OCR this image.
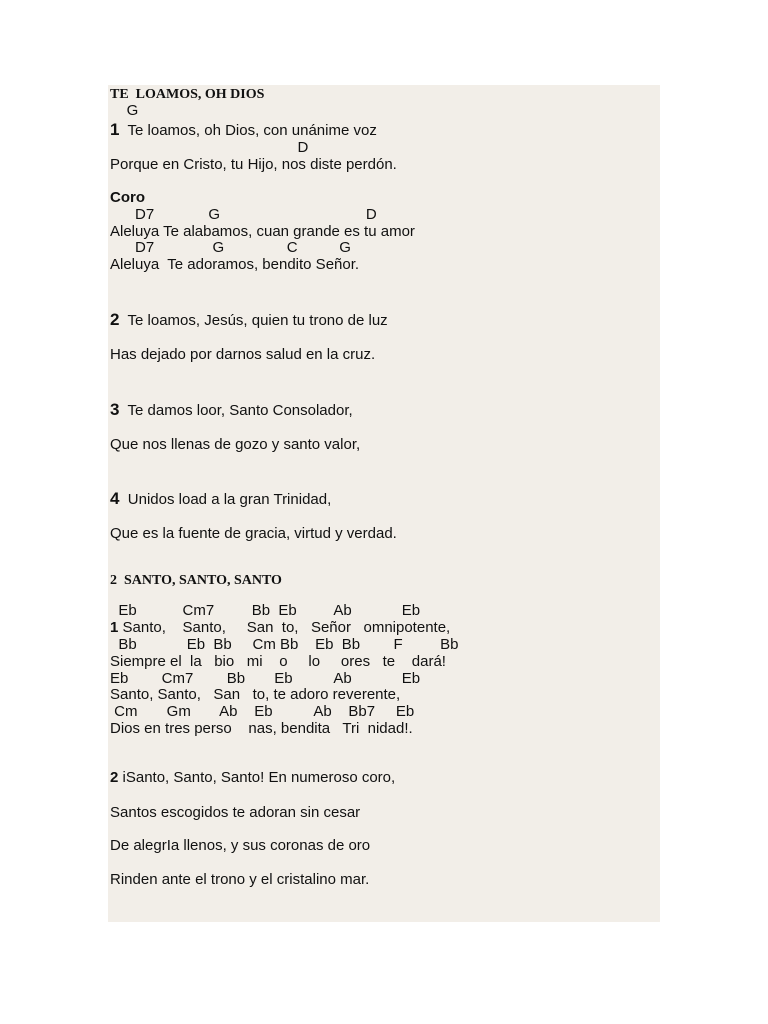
TE  LOAMOS, OH DIOS
G
1  Te loamos, oh Dios, con unánime voz
D
Porque en Cristo, tu Hijo, nos diste perdón.
Coro
D7             G                                   D
Aleluya Te alabamos, cuan grande es tu amor
D7              G               C          G
Aleluya  Te adoramos, bendito Señor.
2  Te loamos, Jesús, quien tu trono de luz
Has dejado por darnos salud en la cruz.
3  Te damos loor, Santo Consolador,
Que nos llenas de gozo y santo valor,
4  Unidos load a la gran Trinidad,
Que es la fuente de gracia, virtud y verdad.
2  SANTO, SANTO, SANTO
Eb           Cm7         Bb  Eb         Ab            Eb
1 Santo,    Santo,     San  to,   Señor   omnipotente,
Bb            Eb  Bb     Cm Bb    Eb  Bb        F         Bb
Siempre el  la   bio   mi    o     lo     ores   te    dará!
Eb        Cm7        Bb       Eb          Ab            Eb
Santo, Santo,   San   to, te adoro reverente,
Cm       Gm       Ab    Eb          Ab    Bb7     Eb
Dios en tres perso    nas, bendita   Tri  nidad!.
2 iSanto, Santo, Santo! En numeroso coro,
Santos escogidos te adoran sin cesar
De alegrIa llenos, y sus coronas de oro
Rinden ante el trono y el cristalino mar.
